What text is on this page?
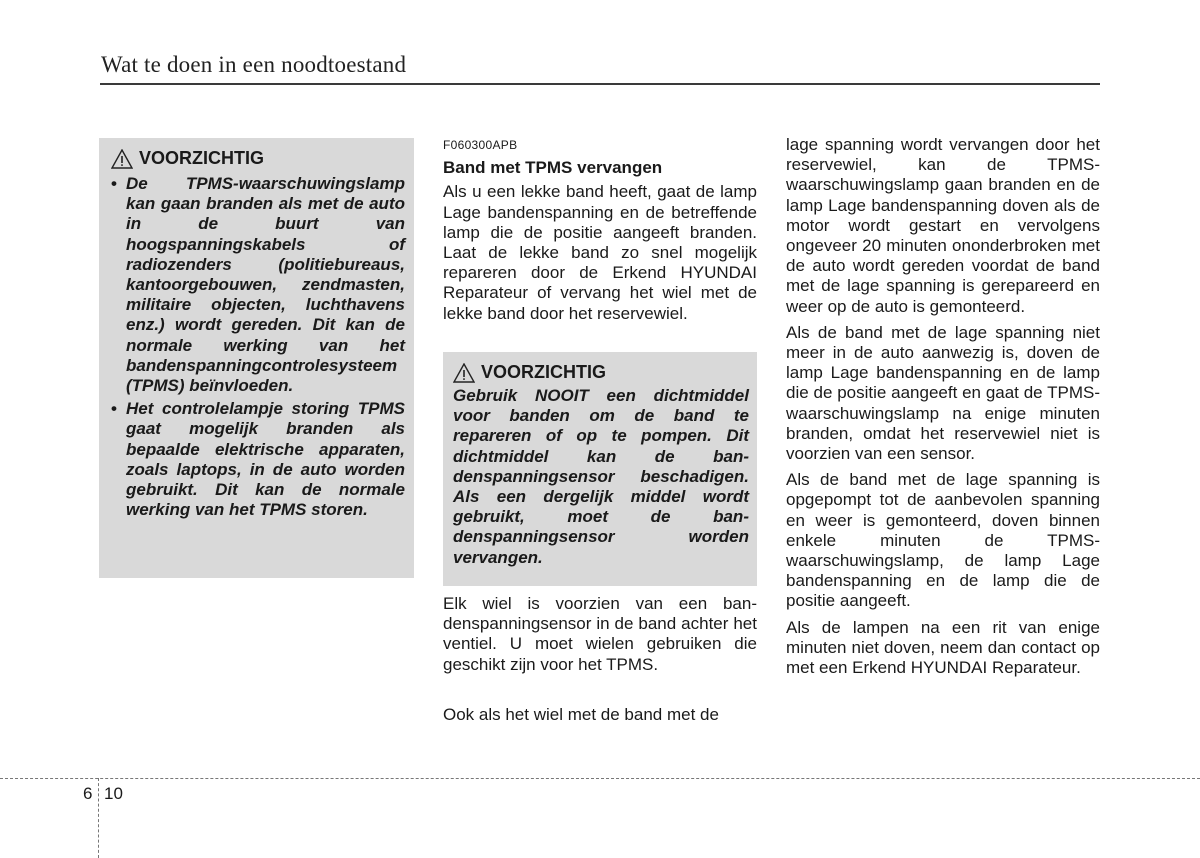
Wat te doen in een noodtoestand
VOORZICHTIG
• De TPMS-waarschuwingslamp kan gaan branden als met de auto in de buurt van hoogspanningskabels of radiozenders (politiebureaus, kantoorgebouwen, zendmasten, militaire objecten, luchthavens enz.) wordt gereden. Dit kan de normale werking van het bandenspanningcontrolesysteem (TPMS) beïnvloeden.
• Het controlelampje storing TPMS gaat mogelijk branden als bepaalde elektrische apparaten, zoals laptops, in de auto worden gebruikt. Dit kan de normale werking van het TPMS storen.
F060300APB
Band met TPMS vervangen

Als u een lekke band heeft, gaat de lamp Lage bandenspanning en de betreffende lamp die de positie aangeeft branden. Laat de lekke band zo snel mogelijk repareren door de Erkend HYUNDAI Reparateur of vervang het wiel met de lekke band door het reservewiel.

VOORZICHTIG
Gebruik NOOIT een dichtmiddel voor banden om de band te repareren of op te pompen. Dit dichtmiddel kan de bandenspanningsensor beschadigen. Als een dergelijk middel wordt gebruikt, moet de bandenspanningsensor worden vervangen.

Elk wiel is voorzien van een bandenspanningsensor in de band achter het ventiel. U moet wielen gebruiken die geschikt zijn voor het TPMS.

Ook als het wiel met de band met de

lage spanning wordt vervangen door het reservewiel, kan de TPMS-waarschuwingslamp gaan branden en de lamp Lage bandenspanning doven als de motor wordt gestart en vervolgens ongeveer 20 minuten ononderbroken met de auto wordt gereden voordat de band met de lage spanning is gerepareerd en weer op de auto is gemonteerd.

Als de band met de lage spanning niet meer in de auto aanwezig is, doven de lamp Lage bandenspanning en de lamp die de positie aangeeft en gaat de TPMS-waarschuwingslamp na enige minuten branden, omdat het reservewiel niet is voorzien van een sensor.

Als de band met de lage spanning is opgepompt tot de aanbevolen spanning en weer is gemonteerd, doven binnen enkele minuten de TPMS-waarschuwingslamp, de lamp Lage bandenspanning en de lamp die de positie aangeeft.

Als de lampen na een rit van enige minuten niet doven, neem dan contact op met een Erkend HYUNDAI Reparateur.

6 10
